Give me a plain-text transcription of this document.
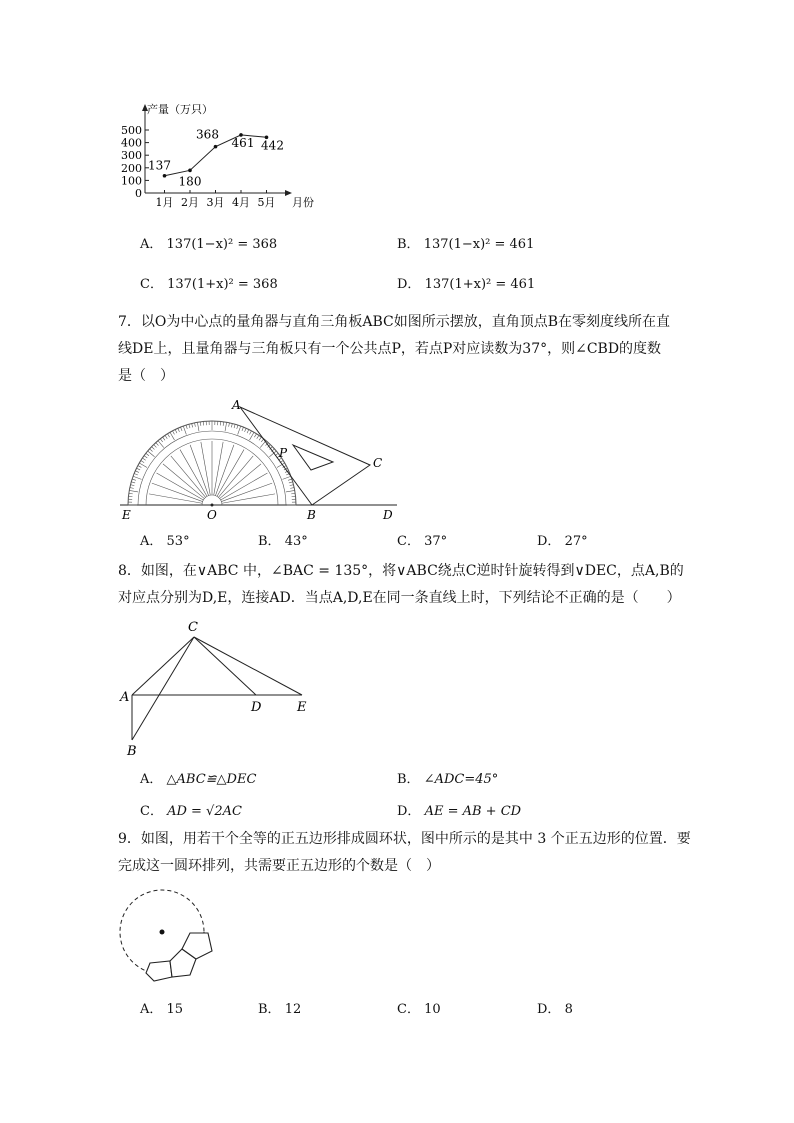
产量（万只）
月份
0
100
200
300
400
500
1月 2月 3月 4月 5月
137
180
368
461 442
A． 137(1−x)² = 368	B． 137(1−x)² = 461
C． 137(1+x)² = 368	D． 137(1+x)² = 461
7．以O为中心点的量角器与直角三角板ABC如图所示摆放，直角顶点B在零刻度线所在直
线DE上，且量角器与三角板只有一个公共点P，若点P对应读数为37°，则∠CBD的度数
是（　）
A
P
C
E	O	B	D
A． 53°	B． 43°	C． 37°	D． 27°
8．如图，在∨ABC 中，∠BAC = 135°，将∨ABC绕点C逆时针旋转得到∨DEC，点A,B的
对应点分别为D,E，连接AD．当点A,D,E在同一条直线上时，下列结论不正确的是（　　）
C
A
D	E
B
A． △ABC≌△DEC	B． ∠ADC=45°
C． AD = √2AC	D． AE = AB + CD
9．如图，用若干个全等的正五边形排成圆环状，图中所示的是其中 3 个正五边形的位置．要
完成这一圆环排列，共需要正五边形的个数是（　）
A． 15	B． 12	C． 10	D． 8
